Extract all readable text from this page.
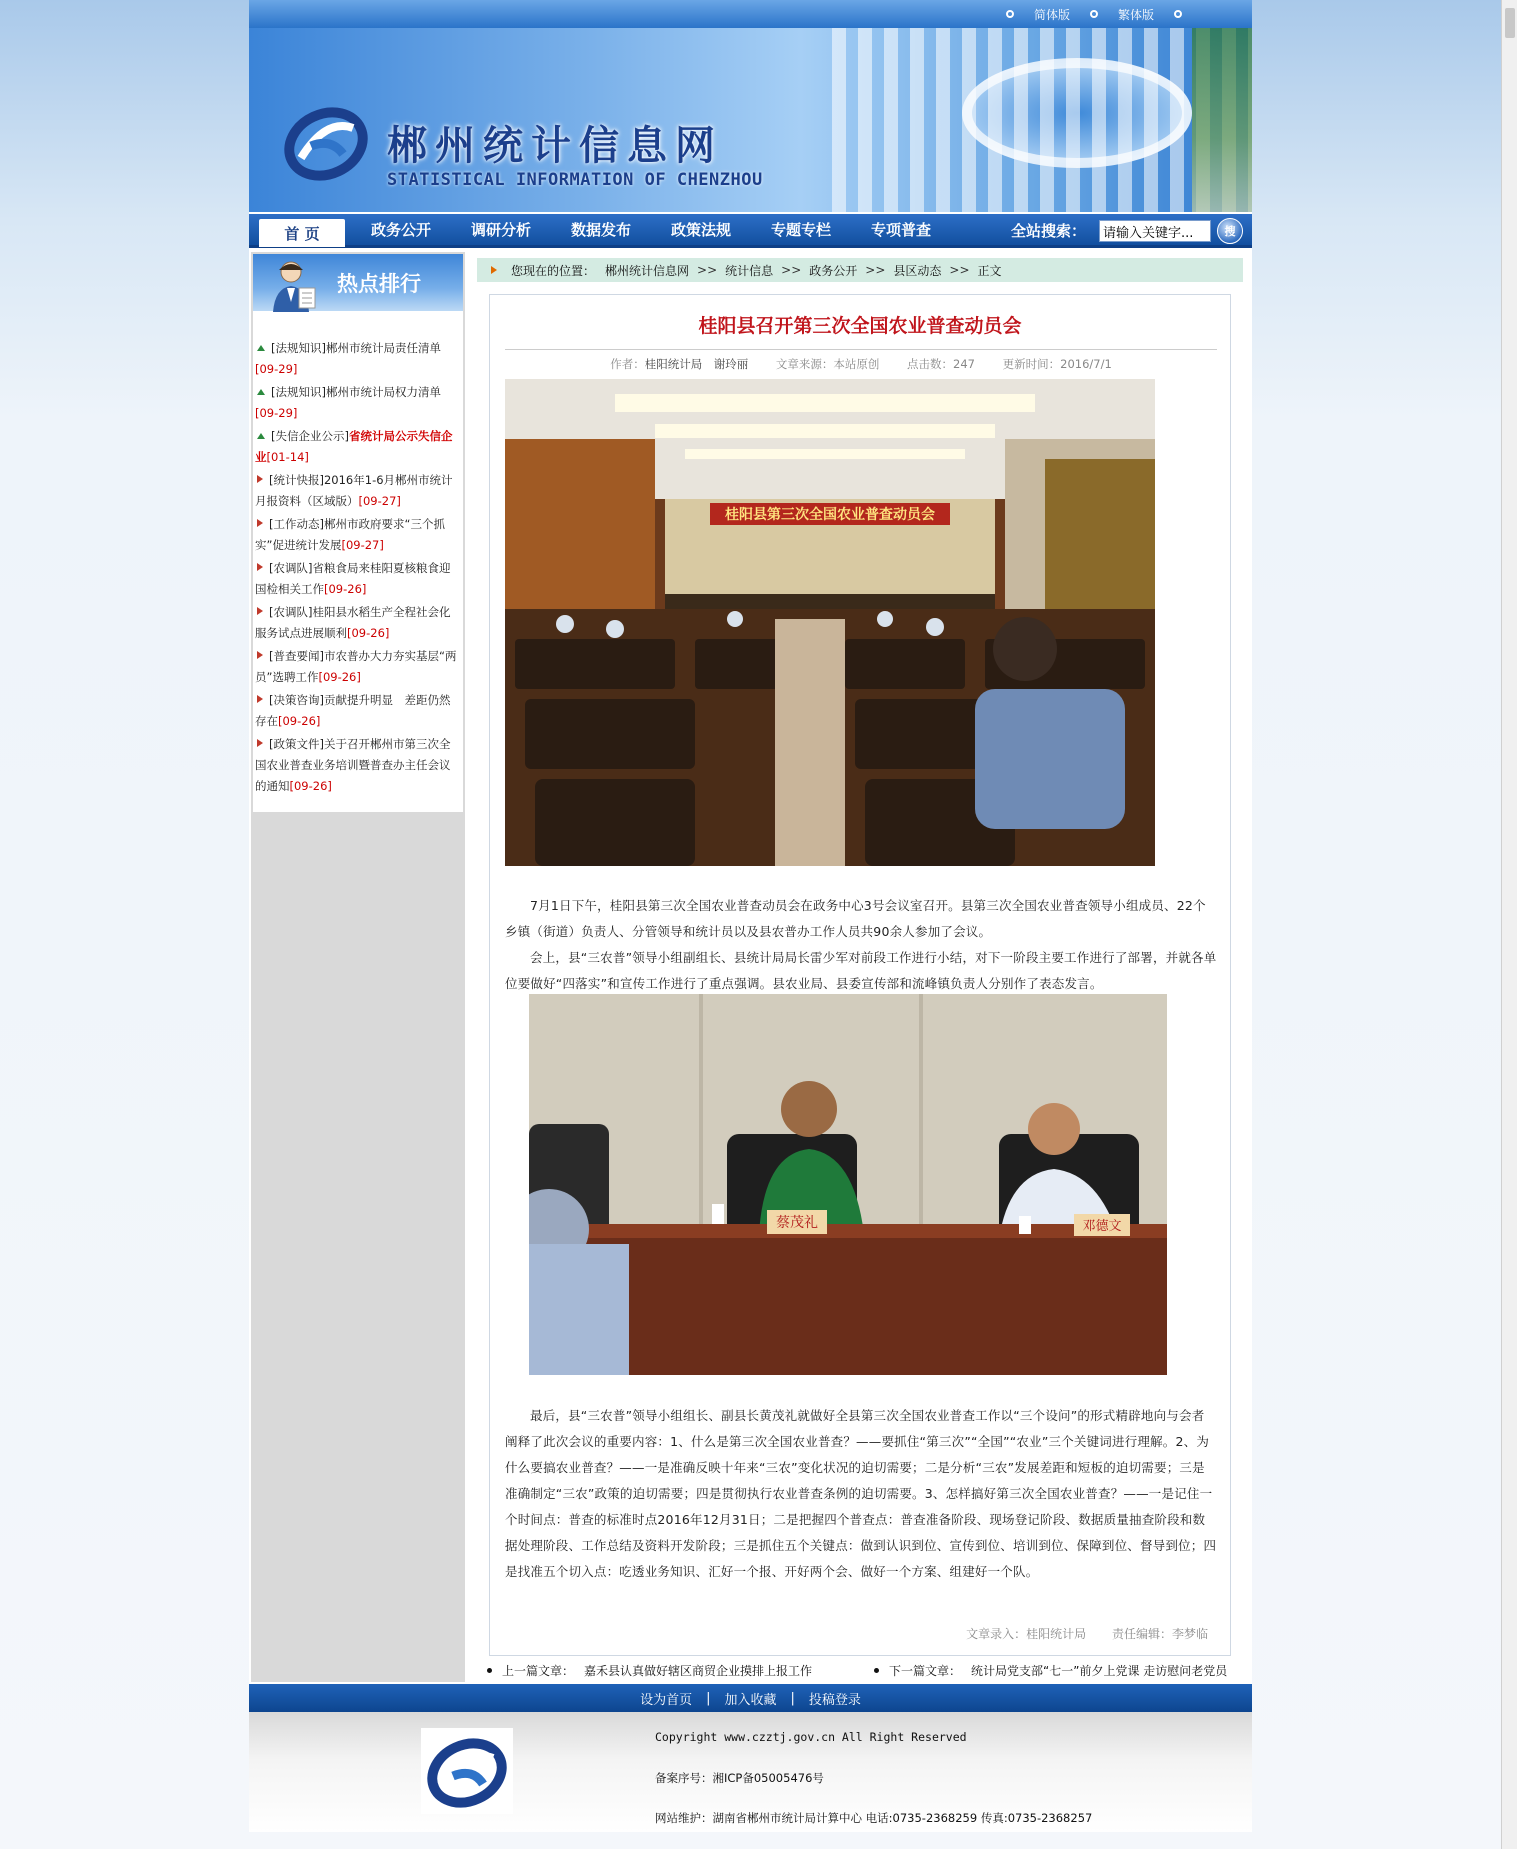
简体版	繁体版
郴州统计信息网
STATISTICAL INFORMATION OF CHENZHOU
首 页	政务公开	调研分析	数据发布	政策法规	专题专栏	专项普查	全站搜索：
请输入关键字...	搜
热点排行
[法规知识]郴州市统计局责任清单[09-29]
[法规知识]郴州市统计局权力清单[09-29]
[失信企业公示]省统计局公示失信企业[01-14]
[统计快报]2016年1-6月郴州市统计月报资料（区域版）[09-27]
[工作动态]郴州市政府要求“三个抓实”促进统计发展[09-27]
[农调队]省粮食局来桂阳夏核粮食迎国检相关工作[09-26]
[农调队]桂阳县水稻生产全程社会化服务试点进展顺利[09-26]
[普查要闻]市农普办大力夯实基层“两员”选聘工作[09-26]
[决策咨询]贡献提升明显　差距仍然存在[09-26]
[政策文件]关于召开郴州市第三次全国农业普查业务培训暨普查办主任会议的通知[09-26]
您现在的位置： 郴州统计信息网 >> 统计信息 >> 政务公开 >> 县区动态 >> 正文
桂阳县召开第三次全国农业普查动员会
作者：桂阳统计局　谢玲丽 文章来源：本站原创 点击数：247 更新时间：2016/7/1
桂阳县第三次全国农业普查动员会
7月1日下午，桂阳县第三次全国农业普查动员会在政务中心3号会议室召开。县第三次全国农业普查领导小组成员、22个乡镇（街道）负责人、分管领导和统计员以及县农普办工作人员共90余人参加了会议。
会上，县“三农普”领导小组副组长、县统计局局长雷少军对前段工作进行小结，对下一阶段主要工作进行了部署，并就各单位要做好“四落实”和宣传工作进行了重点强调。县农业局、县委宣传部和流峰镇负责人分别作了表态发言。
蔡茂礼	邓德文
最后，县“三农普”领导小组组长、副县长黄茂礼就做好全县第三次全国农业普查工作以“三个设问”的形式精辟地向与会者阐释了此次会议的重要内容：1、什么是第三次全国农业普查？——要抓住“第三次”“全国”“农业”三个关键词进行理解。2、为什么要搞农业普查？——一是准确反映十年来“三农”变化状况的迫切需要；二是分析“三农”发展差距和短板的迫切需要；三是准确制定“三农”政策的迫切需要；四是贯彻执行农业普查条例的迫切需要。3、怎样搞好第三次全国农业普查？——一是记住一个时间点：普查的标准时点2016年12月31日；二是把握四个普查点：普查准备阶段、现场登记阶段、数据质量抽查阶段和数据处理阶段、工作总结及资料开发阶段；三是抓住五个关键点：做到认识到位、宣传到位、培训到位、保障到位、督导到位；四是找准五个切入点：吃透业务知识、汇好一个报、开好两个会、做好一个方案、组建好一个队。
文章录入：桂阳统计局 责任编辑：李梦临
上一篇文章： 嘉禾县认真做好辖区商贸企业摸排上报工作	下一篇文章： 统计局党支部“七一”前夕上党课 走访慰问老党员
设为首页 | 加入收藏 | 投稿登录
Copyright www.czztj.gov.cn All Right Reserved
备案序号：湘ICP备05005476号
网站维护：湖南省郴州市统计局计算中心 电话:0735-2368259 传真:0735-2368257
